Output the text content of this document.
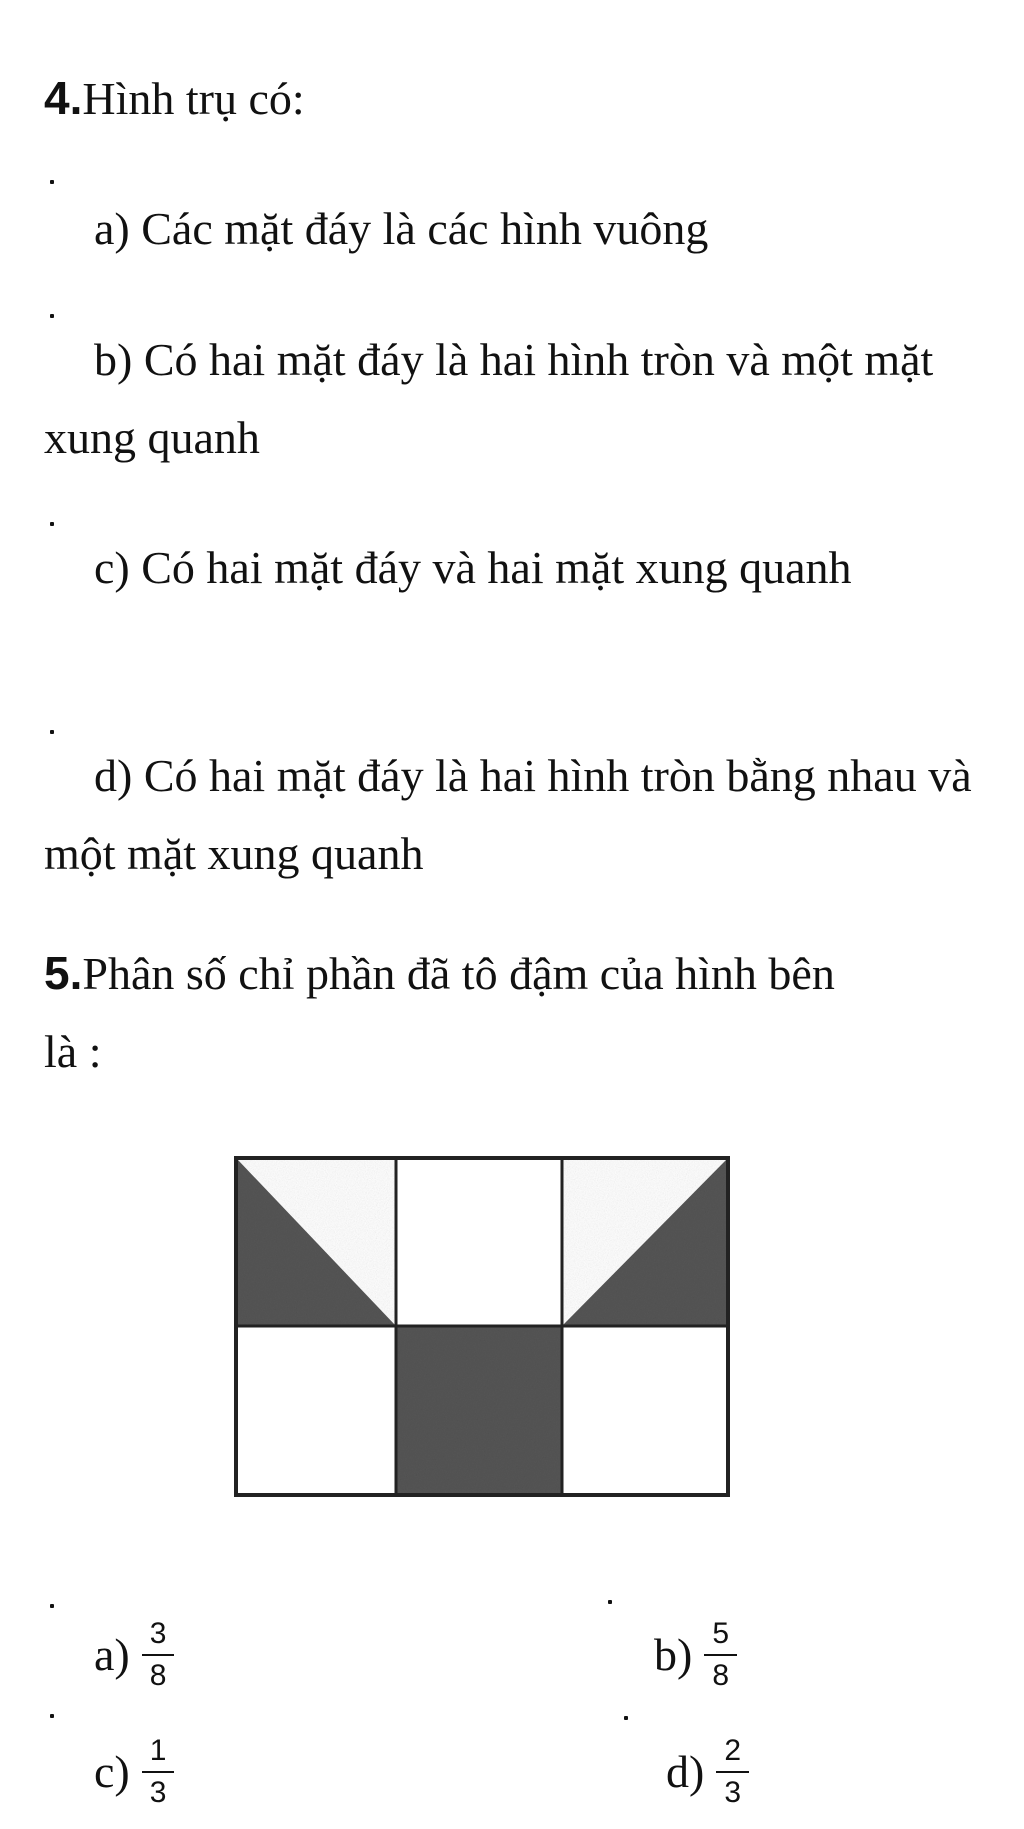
4.Hình trụ có:
a) Các mặt đáy là các hình vuông
b) Có hai mặt đáy là hai hình tròn và một mặt xung quanh
c) Có hai mặt đáy và hai mặt xung quanh
d) Có hai mặt đáy là hai hình tròn bằng nhau và một mặt xung quanh
5.Phân số chỉ phần đã tô đậm của hình bên là :
$a) \frac{3}{8}$	$b) \frac{5}{8}$
$c) \frac{1}{3}$	$d) \frac{2}{3}$
